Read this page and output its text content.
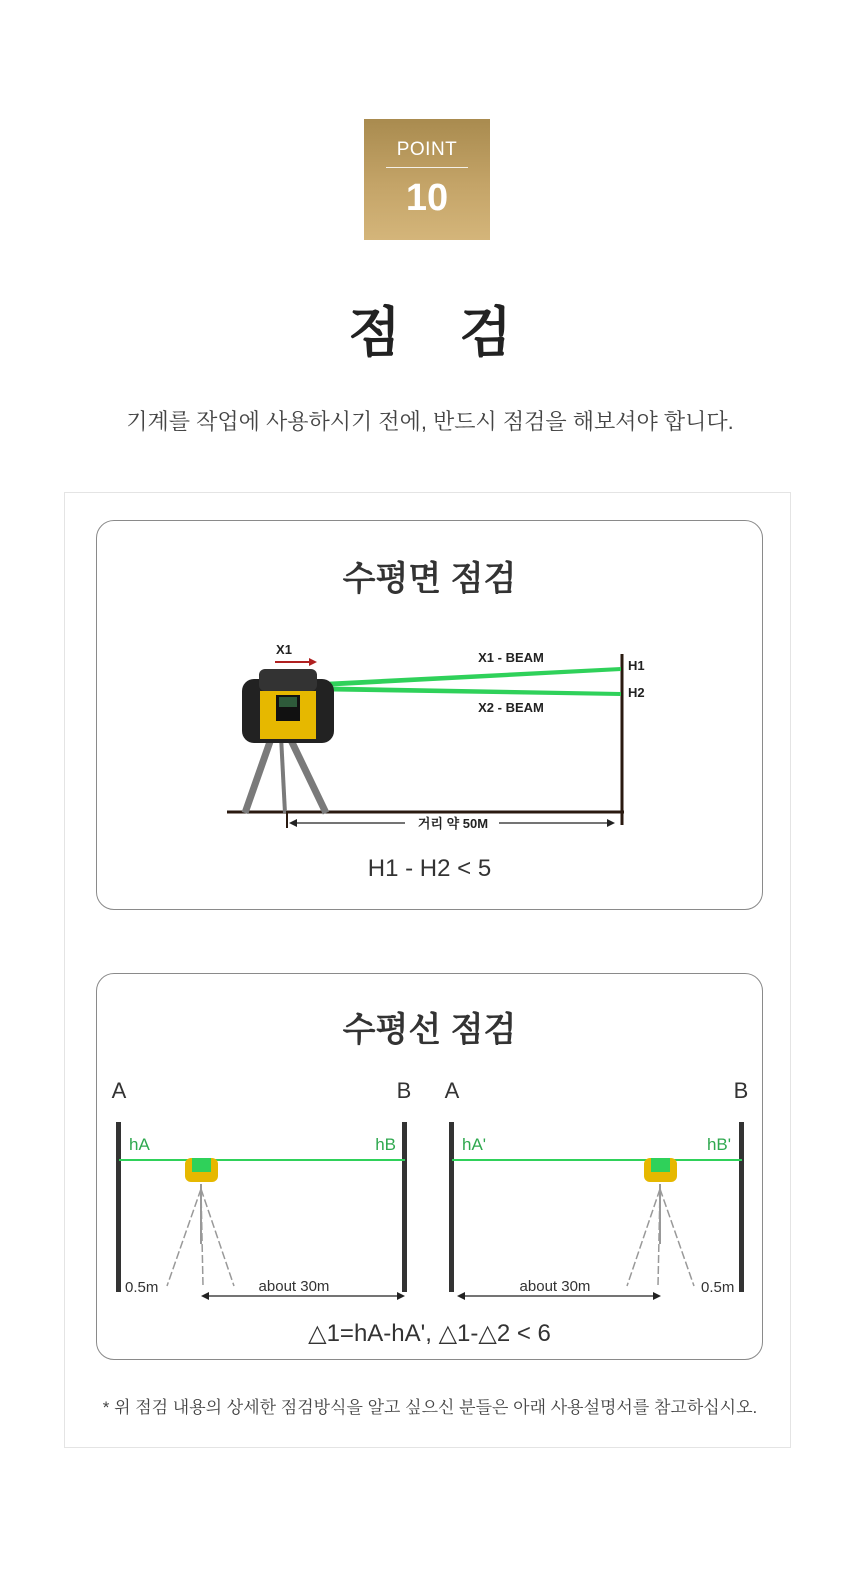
POINT
10
점 검
기계를 작업에 사용하시기 전에, 반드시 점검을 해보셔야 합니다.
수평면 점검
X1
X1 - BEAM
X2 - BEAM
H1
H2
거리 약 50M
H1 - H2 < 5
수평선 점검
A	B
hA	hB
0.5m	about 30m
A	B
hA'	hB'
0.5m
about 30m
△1=hA-hA', △1-△2 < 6
* 위 점검 내용의 상세한 점검방식을 알고 싶으신 분들은 아래 사용설명서를 참고하십시오.
